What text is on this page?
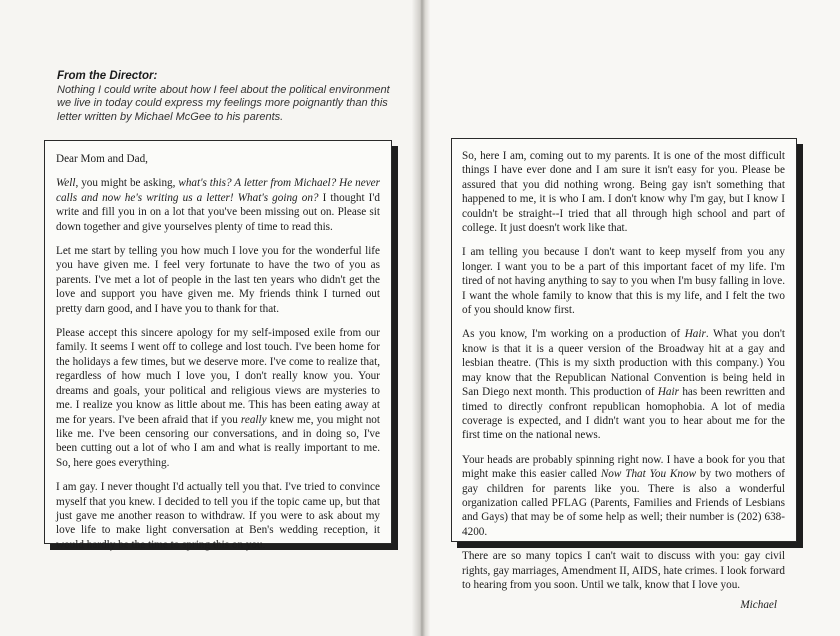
From the Director:
Nothing I could write about how I feel about the political environment we live in today could express my feelings more poignantly than this letter written by Michael McGee to his parents.

Dear Mom and Dad,

Well, you might be asking, what's this? A letter from Michael? He never calls and now he's writing us a letter! What's going on? I thought I'd write and fill you in on a lot that you've been missing out on. Please sit down together and give yourselves plenty of time to read this.

Let me start by telling you how much I love you for the wonderful life you have given me. I feel very fortunate to have the two of you as parents. I've met a lot of people in the last ten years who didn't get the love and support you have given me. My friends think I turned out pretty darn good, and I have you to thank for that.

Please accept this sincere apology for my self-imposed exile from our family. It seems I went off to college and lost touch. I've been home for the holidays a few times, but we deserve more. I've come to realize that, regardless of how much I love you, I don't really know you. Your dreams and goals, your political and religious views are mysteries to me. I realize you know as little about me. This has been eating away at me for years. I've been afraid that if you really knew me, you might not like me. I've been censoring our conversations, and in doing so, I've been cutting out a lot of who I am and what is really important to me. So, here goes everything.

I am gay. I never thought I'd actually tell you that. I've tried to convince myself that you knew. I decided to tell you if the topic came up, but that just gave me another reason to withdraw. If you were to ask about my love life to make light conversation at Ben's wedding reception, it would hardly be the time to spring this on you.

So, here I am, coming out to my parents. It is one of the most difficult things I have ever done and I am sure it isn't easy for you. Please be assured that you did nothing wrong. Being gay isn't something that happened to me, it is who I am. I don't know why I'm gay, but I know I couldn't be straight--I tried that all through high school and part of college. It just doesn't work like that.

I am telling you because I don't want to keep myself from you any longer. I want you to be a part of this important facet of my life. I'm tired of not having anything to say to you when I'm busy falling in love. I want the whole family to know that this is my life, and I felt the two of you should know first.

As you know, I'm working on a production of Hair. What you don't know is that it is a queer version of the Broadway hit at a gay and lesbian theatre. (This is my sixth production with this company.) You may know that the Republican National Convention is being held in San Diego next month. This production of Hair has been rewritten and timed to directly confront republican homophobia. A lot of media coverage is expected, and I didn't want you to hear about me for the first time on the national news.

Your heads are probably spinning right now. I have a book for you that might make this easier called Now That You Know by two mothers of gay children for parents like you. There is also a wonderful organization called PFLAG (Parents, Families and Friends of Lesbians and Gays) that may be of some help as well; their number is (202) 638-4200.

There are so many topics I can't wait to discuss with you: gay civil rights, gay marriages, Amendment II, AIDS, hate crimes. I look forward to hearing from you soon. Until we talk, know that I love you.

Michael
